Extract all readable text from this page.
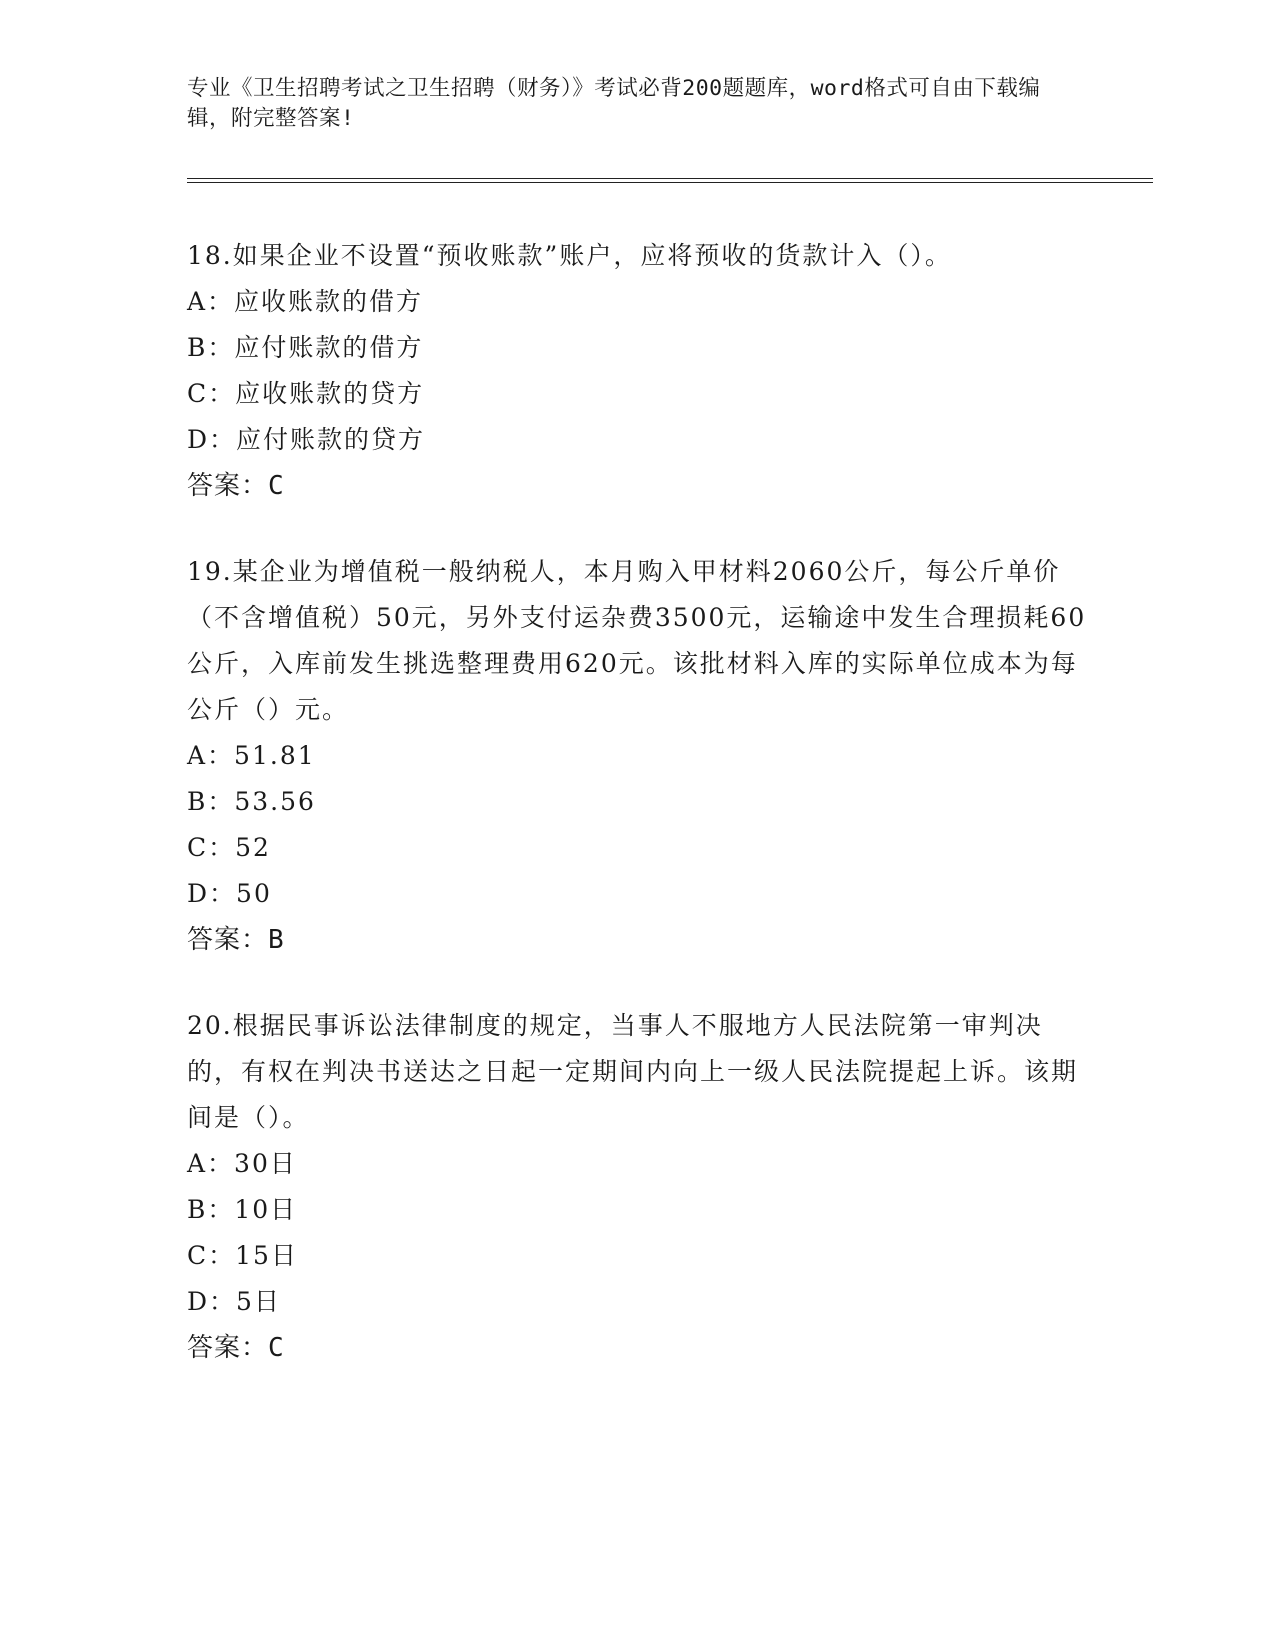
专业《卫生招聘考试之卫生招聘（财务）》考试必背200题题库，word格式可自由下载编辑，附完整答案!

18.如果企业不设置“预收账款”账户，应将预收的货款计入（）。

A：应收账款的借方

B：应付账款的借方

C：应收账款的贷方

D：应付账款的贷方

答案：C

19.某企业为增值税一般纳税人，本月购入甲材料2060公斤，每公斤单价（不含增值税）50元，另外支付运杂费3500元，运输途中发生合理损耗60公斤，入库前发生挑选整理费用620元。该批材料入库的实际单位成本为每公斤（）元。

A：51.81

B：53.56

C：52

D：50

答案：B

20.根据民事诉讼法律制度的规定，当事人不服地方人民法院第一审判决的，有权在判决书送达之日起一定期间内向上一级人民法院提起上诉。该期间是（）。

A：30日

B：10日

C：15日

D：5日

答案：C
